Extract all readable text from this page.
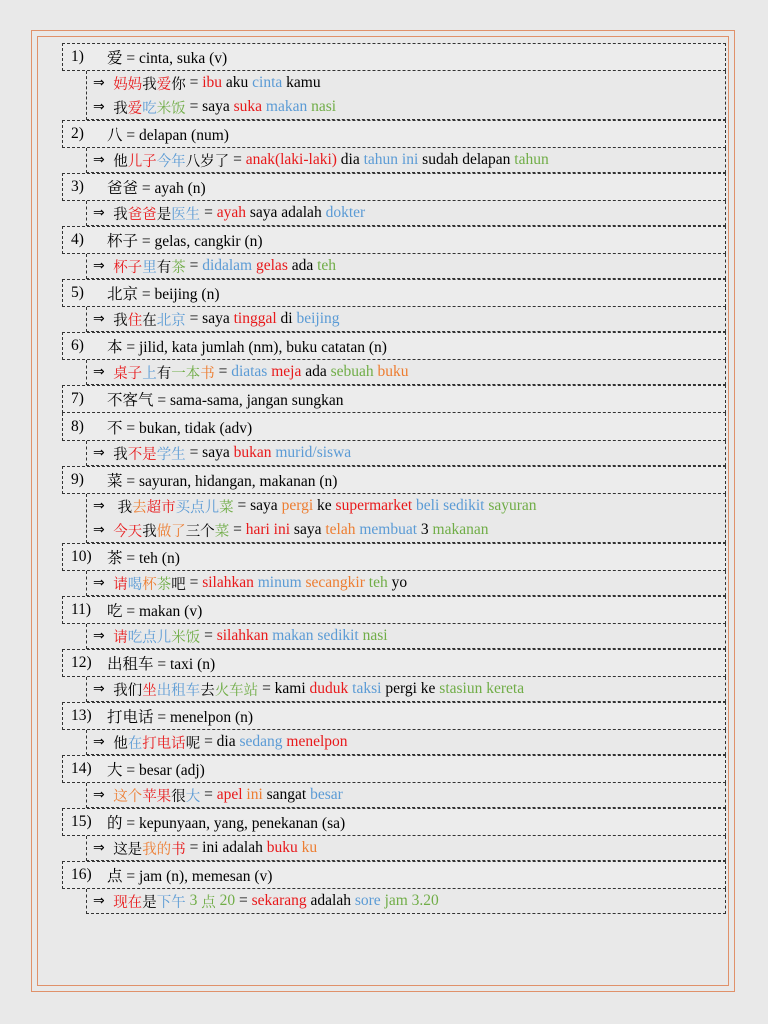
1)	爱 = cinta, suka (v)
⇒ 妈妈 我 爱 你 = ibu aku cinta kamu
⇒ 我 爱 吃 米饭 = saya suka
makan
nasi
2)	八 = delapan (num)
⇒ 他 儿子 今年 八岁了 = anak(laki-laki) dia tahun ini sudah delapan tahun
3)	爸爸 = ayah (n)
⇒ 我 爸爸 是 医生 = ayah saya adalah dokter
4)	杯子 = gelas, cangkir (n)
⇒ 杯子 里 有 茶 = didalam
gelas ada teh
5)	北京 = beijing (n)
⇒ 我 住 在 北京 = saya tinggal di beijing
6)	本 = jilid, kata jumlah (nm), buku catatan (n)
⇒ 桌子 上 有 一本 书 = diatas
meja ada sebuah
buku
7)	不客气 = sama-sama, jangan sungkan
8)	不 = bukan, tidak (adv)
⇒ 我 不是 学生 = saya bukan
murid/siswa
9)	菜 = sayuran, hidangan, makanan (n)
⇒ 我 去 超市 买点儿 菜 = saya pergi ke supermarket
beli sedikit
sayuran
⇒ 今天 我 做了 三个 菜 = hari ini saya telah
membuat 3 makanan
10) 茶 = teh (n)
⇒ 请 喝 杯 茶 吧 = silahkan
minum
secangkir
teh yo
11)	吃 = makan (v)
⇒ 请 吃点儿 米饭 = silahkan
makan sedikit
nasi
12) 出租车 = taxi (n)
⇒ 我们 坐 出租车 去 火车站 = kami duduk
taksi pergi ke stasiun kereta
13) 打电话 = menelpon (n)
⇒ 他 在 打电话 呢 = dia sedang
menelpon
14) 大 = besar (adj)
⇒ 这个 苹果 很 大 = apel
ini sangat besar
15) 的 = kepunyaan, yang, penekanan (sa)
⇒ 这是 我的 书 = ini adalah buku
ku
16) 点 = jam (n), memesan (v)
⇒ 现在 是 下午 3 点 20 = sekarang adalah sore
jam 3.20
